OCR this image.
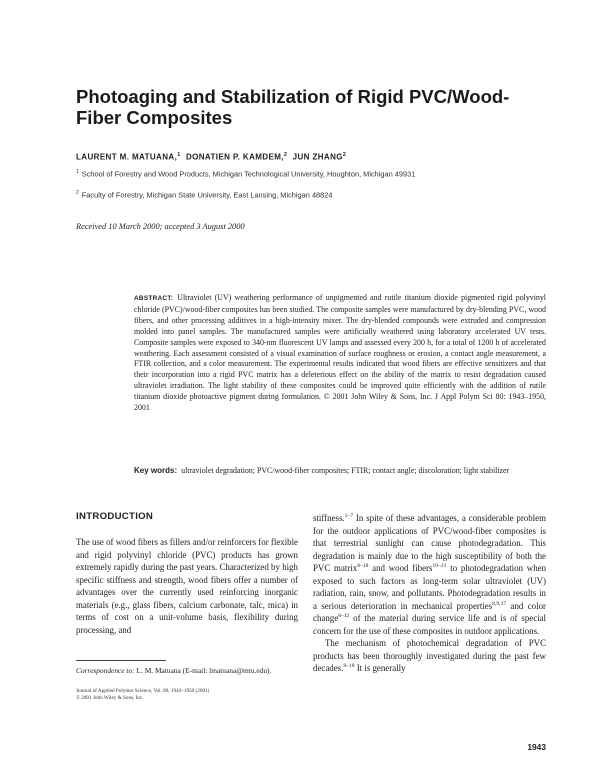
Photoaging and Stabilization of Rigid PVC/Wood-Fiber Composites
LAURENT M. MATUANA,$^1$ DONATIEN P. KAMDEM,$^2$ JUN ZHANG$^2$
$^1$ School of Forestry and Wood Products, Michigan Technological University, Houghton, Michigan 49931
$^2$ Faculty of Forestry, Michigan State University, East Lansing, Michigan 48824
Received 10 March 2000; accepted 3 August 2000
ABSTRACT: Ultraviolet (UV) weathering performance of unpigmented and rutile titanium dioxide pigmented rigid polyvinyl chloride (PVC)/wood-fiber composites has been studied. The composite samples were manufactured by dry-blending PVC, wood fibers, and other processing additives in a high-intensity mixer. The dry-blended compounds were extruded and compression molded into panel samples. The manufactured samples were artificially weathered using laboratory accelerated UV tests. Composite samples were exposed to 340-nm fluorescent UV lamps and assessed every 200 h, for a total of 1200 h of accelerated weathering. Each assessment consisted of a visual examination of surface roughness or erosion, a contact angle measurement, a FTIR collection, and a color measurement. The experimental results indicated that wood fibers are effective sensitizers and that their incorporation into a rigid PVC matrix has a deleterious effect on the ability of the matrix to resist degradation caused ultraviolet irradiation. The light stability of these composites could be improved quite efficiently with the addition of rutile titanium dioxide photoactive pigment during formulation. © 2001 John Wiley & Sons, Inc. J Appl Polym Sci 80: 1943–1950, 2001
Key words: ultraviolet degradation; PVC/wood-fiber composites; FTIR; contact angle; discoloration; light stabilizer
INTRODUCTION

The use of wood fibers as fillers and/or reinforcers for flexible and rigid polyvinyl chloride (PVC) products has grown extremely rapidly during the past years. Characterized by high specific stiffness and strength, wood fibers offer a number of advantages over the currently used reinforcing inorganic materials (e.g., glass fibers, calcium carbonate, talc, mica) in terms of cost on a unit-volume basis, flexibility during processing, and

stiffness.$^{1-7}$ In spite of these advantages, a considerable problem for the outdoor applications of PVC/wood-fiber composites is that terrestrial sunlight can cause photodegradation. This degradation is mainly due to the high susceptibility of both the PVC matrix$^{8-18}$ and wood fibers$^{19-21}$ to photodegradation when exposed to such factors as long-term solar ultraviolet (UV) radiation, rain, snow, and pollutants. Photodegradation results in a serious deterioration in mechanical properties$^{8,9,17}$ and color change$^{8-12}$ of the material during service life and is of special concern for the use of these composites in outdoor applications.

The mechanism of photochemical degradation of PVC products has been thoroughly investigated during the past few decades.$^{8-18}$ It is generally

Correspondence to: L. M. Matuana (E-mail: lmatuana@mtu.edu).
Journal of Applied Polymer Science, Vol. 80, 1943–1950 (2001)
© 2001 John Wiley & Sons, Inc.
1943
